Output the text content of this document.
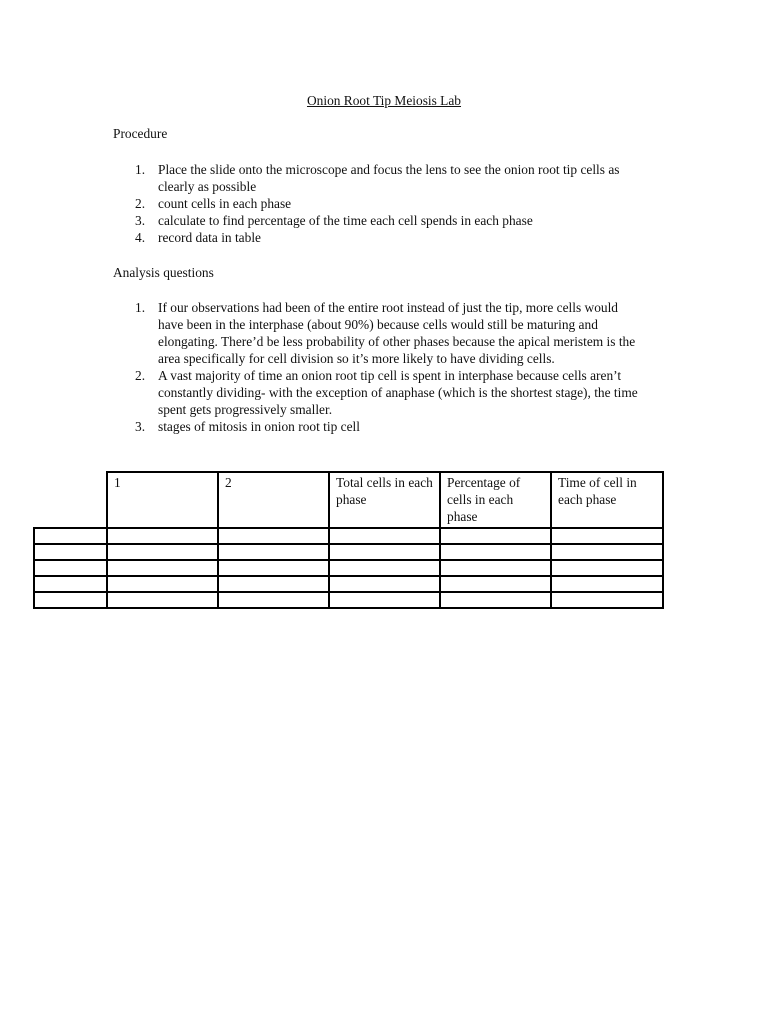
Onion Root Tip Meiosis Lab
Procedure
1. Place the slide onto the microscope and focus the lens to see the onion root tip cells as clearly as possible
2. count cells in each phase
3. calculate to find percentage of the time each cell spends in each phase
4. record data in table
Analysis questions
1. If our observations had been of the entire root instead of just the tip, more cells would have been in the interphase (about 90%) because cells would still be maturing and elongating. There’d be less probability of other phases because the apical meristem is the area specifically for cell division so it’s more likely to have dividing cells.
2. A vast majority of time an onion root tip cell is spent in interphase because cells aren’t constantly dividing- with the exception of anaphase (which is the shortest stage), the time spent gets progressively smaller.
3. stages of mitosis in onion root tip cell
	1	2	Total cells in each phase	Percentage of cells in each phase	Time of cell in each phase
